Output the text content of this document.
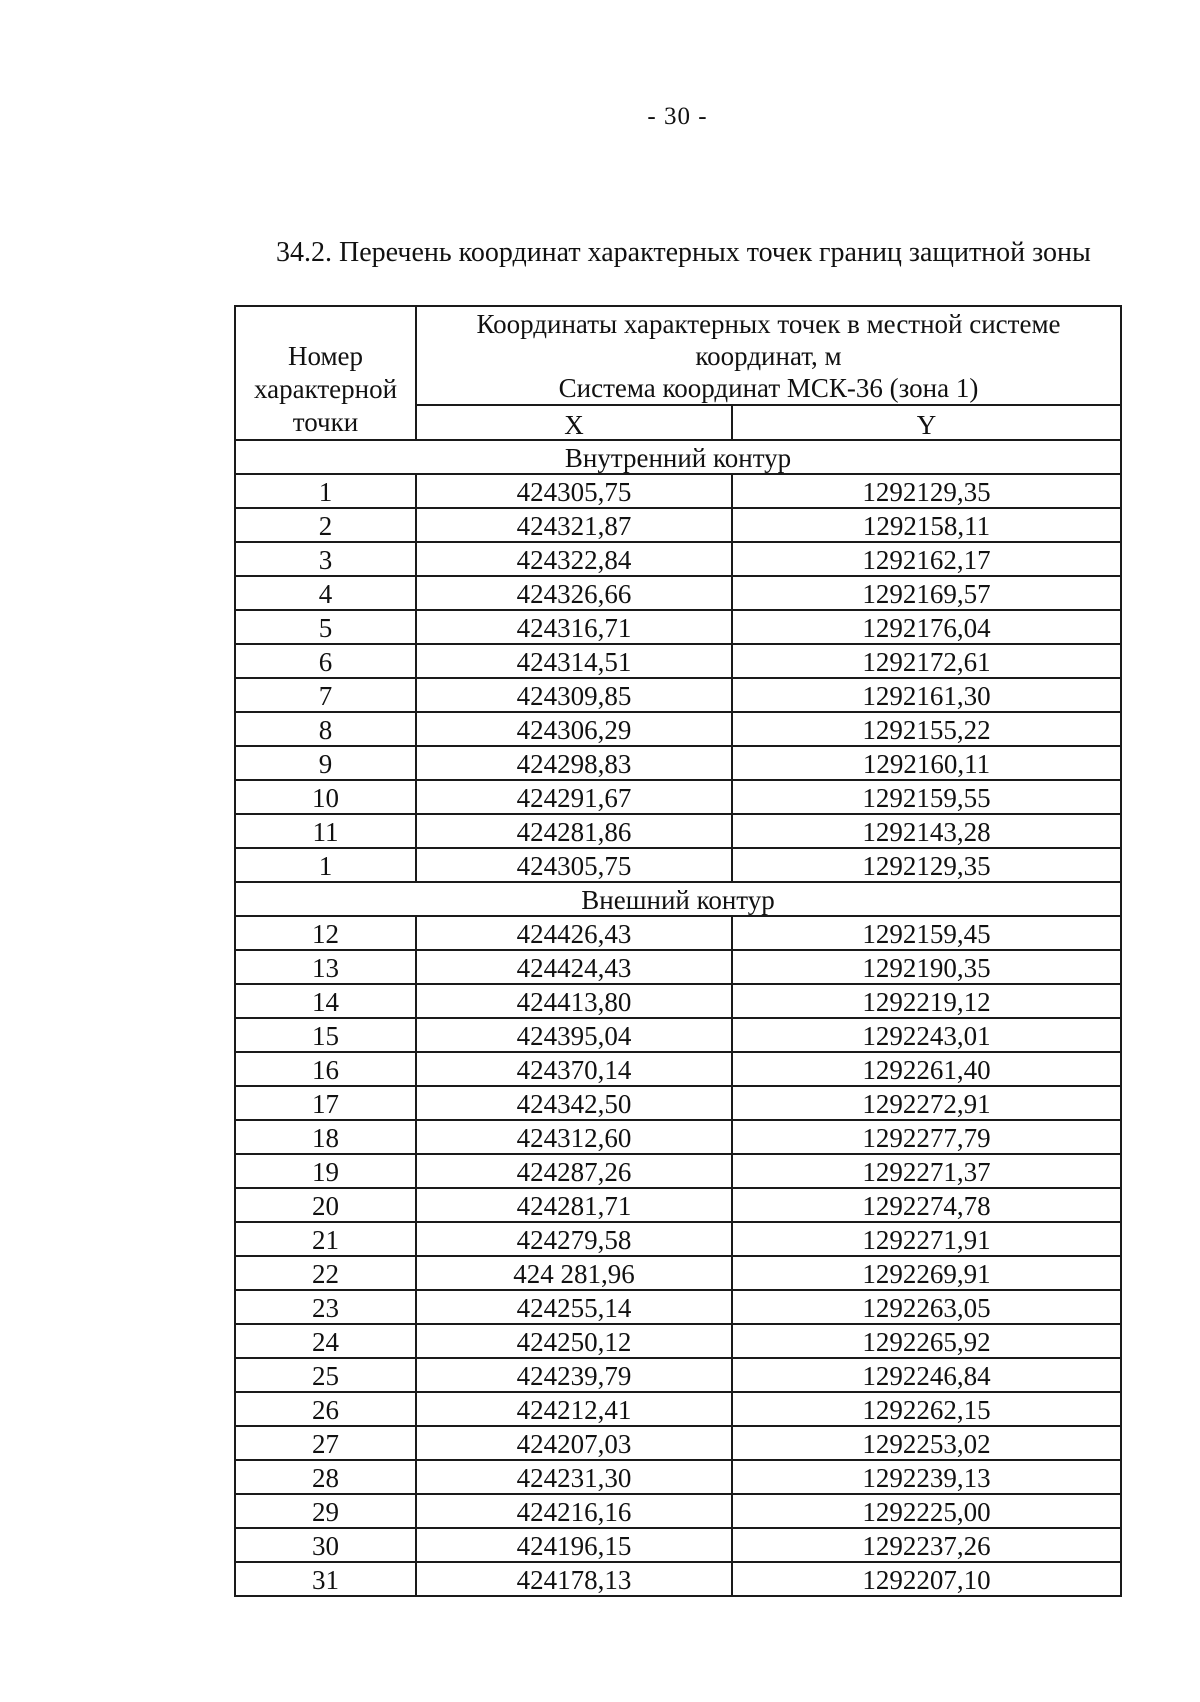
- 30 -
34.2. Перечень координат характерных точек границ защитной зоны
Номер
характерной
точки	Координаты характерных точек в местной системе
координат, м
Система координат МСК-36 (зона 1)	

	X	Y
Внутренний контур		
1	424305,75	1292129,35
2	424321,87	1292158,11
3	424322,84	1292162,17
4	424326,66	1292169,57
5	424316,71	1292176,04
6	424314,51	1292172,61
7	424309,85	1292161,30
8	424306,29	1292155,22
9	424298,83	1292160,11
10	424291,67	1292159,55
11	424281,86	1292143,28
1	424305,75	1292129,35
Внешний контур		
12	424426,43	1292159,45
13	424424,43	1292190,35
14	424413,80	1292219,12
15	424395,04	1292243,01
16	424370,14	1292261,40
17	424342,50	1292272,91
18	424312,60	1292277,79
19	424287,26	1292271,37
20	424281,71	1292274,78
21	424279,58	1292271,91
22	424 281,96	1292269,91
23	424255,14	1292263,05
24	424250,12	1292265,92
25	424239,79	1292246,84
26	424212,41	1292262,15
27	424207,03	1292253,02
28	424231,30	1292239,13
29	424216,16	1292225,00
30	424196,15	1292237,26
31	424178,13	1292207,10
